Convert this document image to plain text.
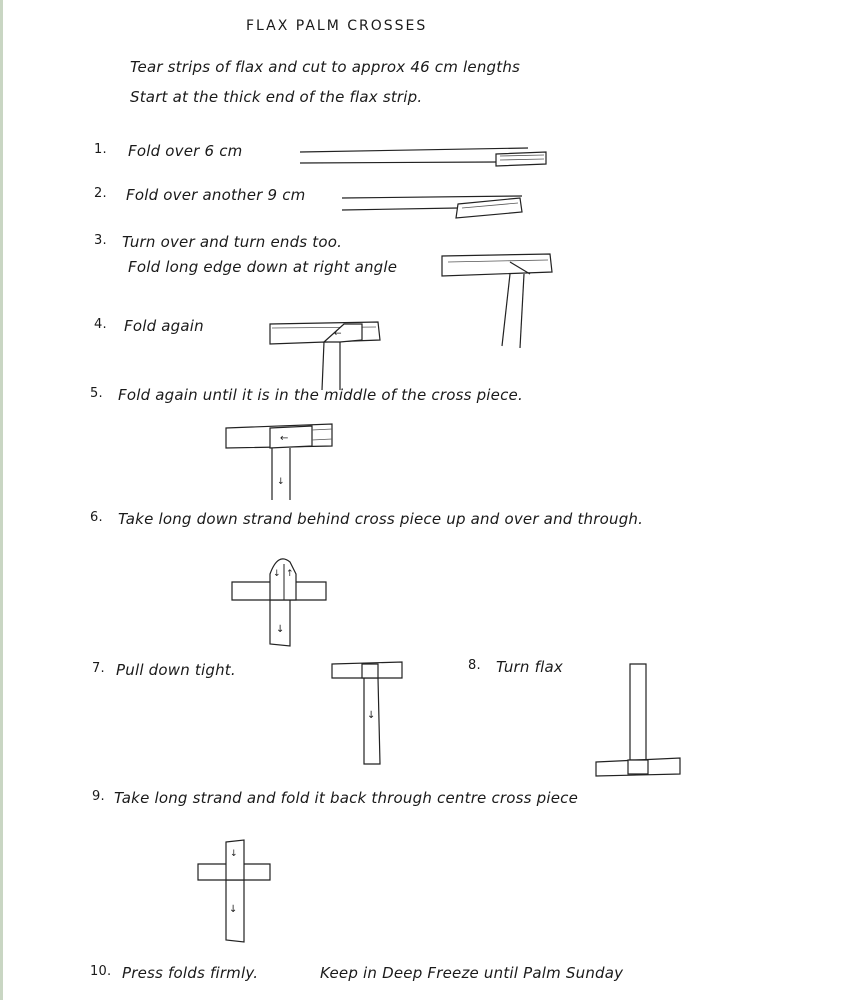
FLAX PALM CROSSES
Tear strips of flax and cut to approx 46 cm lengths
Start at the thick end of the flax strip.
1. Fold over 6 cm
2. Fold over another 9 cm
3. Turn over and turn ends too.
Fold long edge down at right angle
4. Fold again	←
5. Fold again until it is in the middle of the cross piece.
←
↓
6. Take long down strand behind cross piece up and over and through.
↓ ↑
↓
7. Pull down tight.
↓
8. Turn flax
9. Take long strand and fold it back through centre cross piece
↓
↓
10. Press folds firmly.	Keep in Deep Freeze until Palm Sunday
